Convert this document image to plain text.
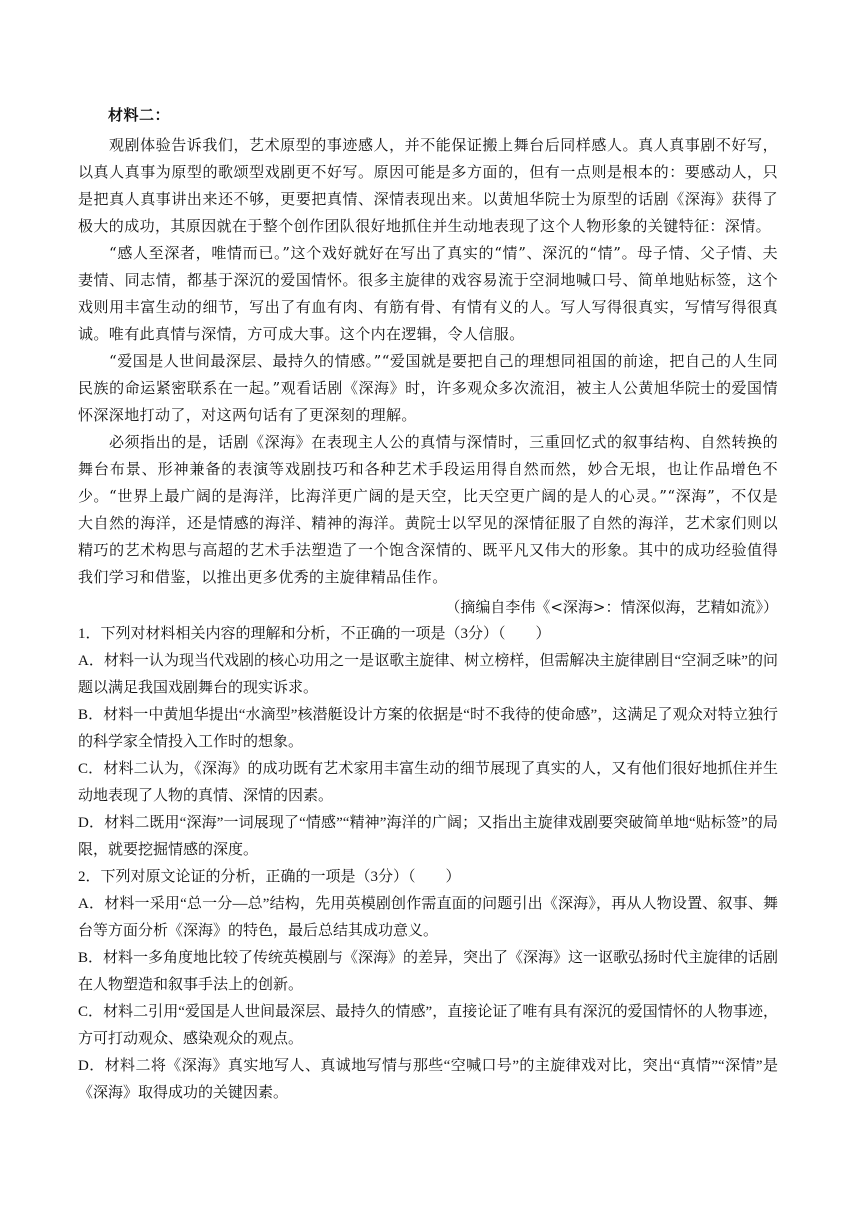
材料二：

观剧体验告诉我们，艺术原型的事迹感人，并不能保证搬上舞台后同样感人。真人真事剧不好写，以真人真事为原型的歌颂型戏剧更不好写。原因可能是多方面的，但有一点则是根本的：要感动人，只是把真人真事讲出来还不够，更要把真情、深情表现出来。以黄旭华院士为原型的话剧《深海》获得了极大的成功，其原因就在于整个创作团队很好地抓住并生动地表现了这个人物形象的关键特征：深情。

“感人至深者，唯情而已。”这个戏好就好在写出了真实的“情”、深沉的“情”。母子情、父子情、夫妻情、同志情，都基于深沉的爱国情怀。很多主旋律的戏容易流于空洞地喊口号、简单地贴标签，这个戏则用丰富生动的细节，写出了有血有肉、有筋有骨、有情有义的人。写人写得很真实，写情写得很真诚。唯有此真情与深情，方可成大事。这个内在逻辑，令人信服。

“爱国是人世间最深层、最持久的情感。”“爱国就是要把自己的理想同祖国的前途，把自己的人生同民族的命运紧密联系在一起。”观看话剧《深海》时，许多观众多次流泪，被主人公黄旭华院士的爱国情怀深深地打动了，对这两句话有了更深刻的理解。

必须指出的是，话剧《深海》在表现主人公的真情与深情时，三重回忆式的叙事结构、自然转换的舞台布景、形神兼备的表演等戏剧技巧和各种艺术手段运用得自然而然，妙合无垠，也让作品增色不少。 “世界上最广阔的是海洋，比海洋更广阔的是天空，比天空更广阔的是人的心灵。”“深海”，不仅是大自然的海洋，还是情感的海洋、精神的海洋。黄院士以罕见的深情征服了自然的海洋，艺术家们则以精巧的艺术构思与高超的艺术手法塑造了一个饱含深情的、既平凡又伟大的形象。其中的成功经验值得我们学习和借鉴，以推出更多优秀的主旋律精品佳作。

（摘编自李伟《<深海>：情深似海，艺精如流》）

1．下列对材料相关内容的理解和分析，不正确的一项是（3分）（　　）

A．材料一认为现当代戏剧的核心功用之一是讴歌主旋律、树立榜样，但需解决主旋律剧目“空洞乏味”的问题以满足我国戏剧舞台的现实诉求。

B．材料一中黄旭华提出“水滴型”核潜艇设计方案的依据是“时不我待的使命感”，这满足了观众对特立独行的科学家全情投入工作时的想象。

C．材料二认为，《深海》的成功既有艺术家用丰富生动的细节展现了真实的人，又有他们很好地抓住并生动地表现了人物的真情、深情的因素。

D．材料二既用“深海”一词展现了“情感”“精神”海洋的广阔；又指出主旋律戏剧要突破简单地“贴标签”的局限，就要挖掘情感的深度。

2．下列对原文论证的分析，正确的一项是（3分）（　　）

A．材料一采用“总一分—总”结构，先用英模剧创作需直面的问题引出《深海》，再从人物设置、叙事、舞台等方面分析《深海》的特色，最后总结其成功意义。

B．材料一多角度地比较了传统英模剧与《深海》的差异，突出了《深海》这一讴歌弘扬时代主旋律的话剧在人物塑造和叙事手法上的创新。

C．材料二引用“爱国是人世间最深层、最持久的情感”，直接论证了唯有具有深沉的爱国情怀的人物事迹，方可打动观众、感染观众的观点。

D．材料二将《深海》真实地写人、真诚地写情与那些“空喊口号”的主旋律戏对比，突出“真情”“深情”是《深海》取得成功的关键因素。
